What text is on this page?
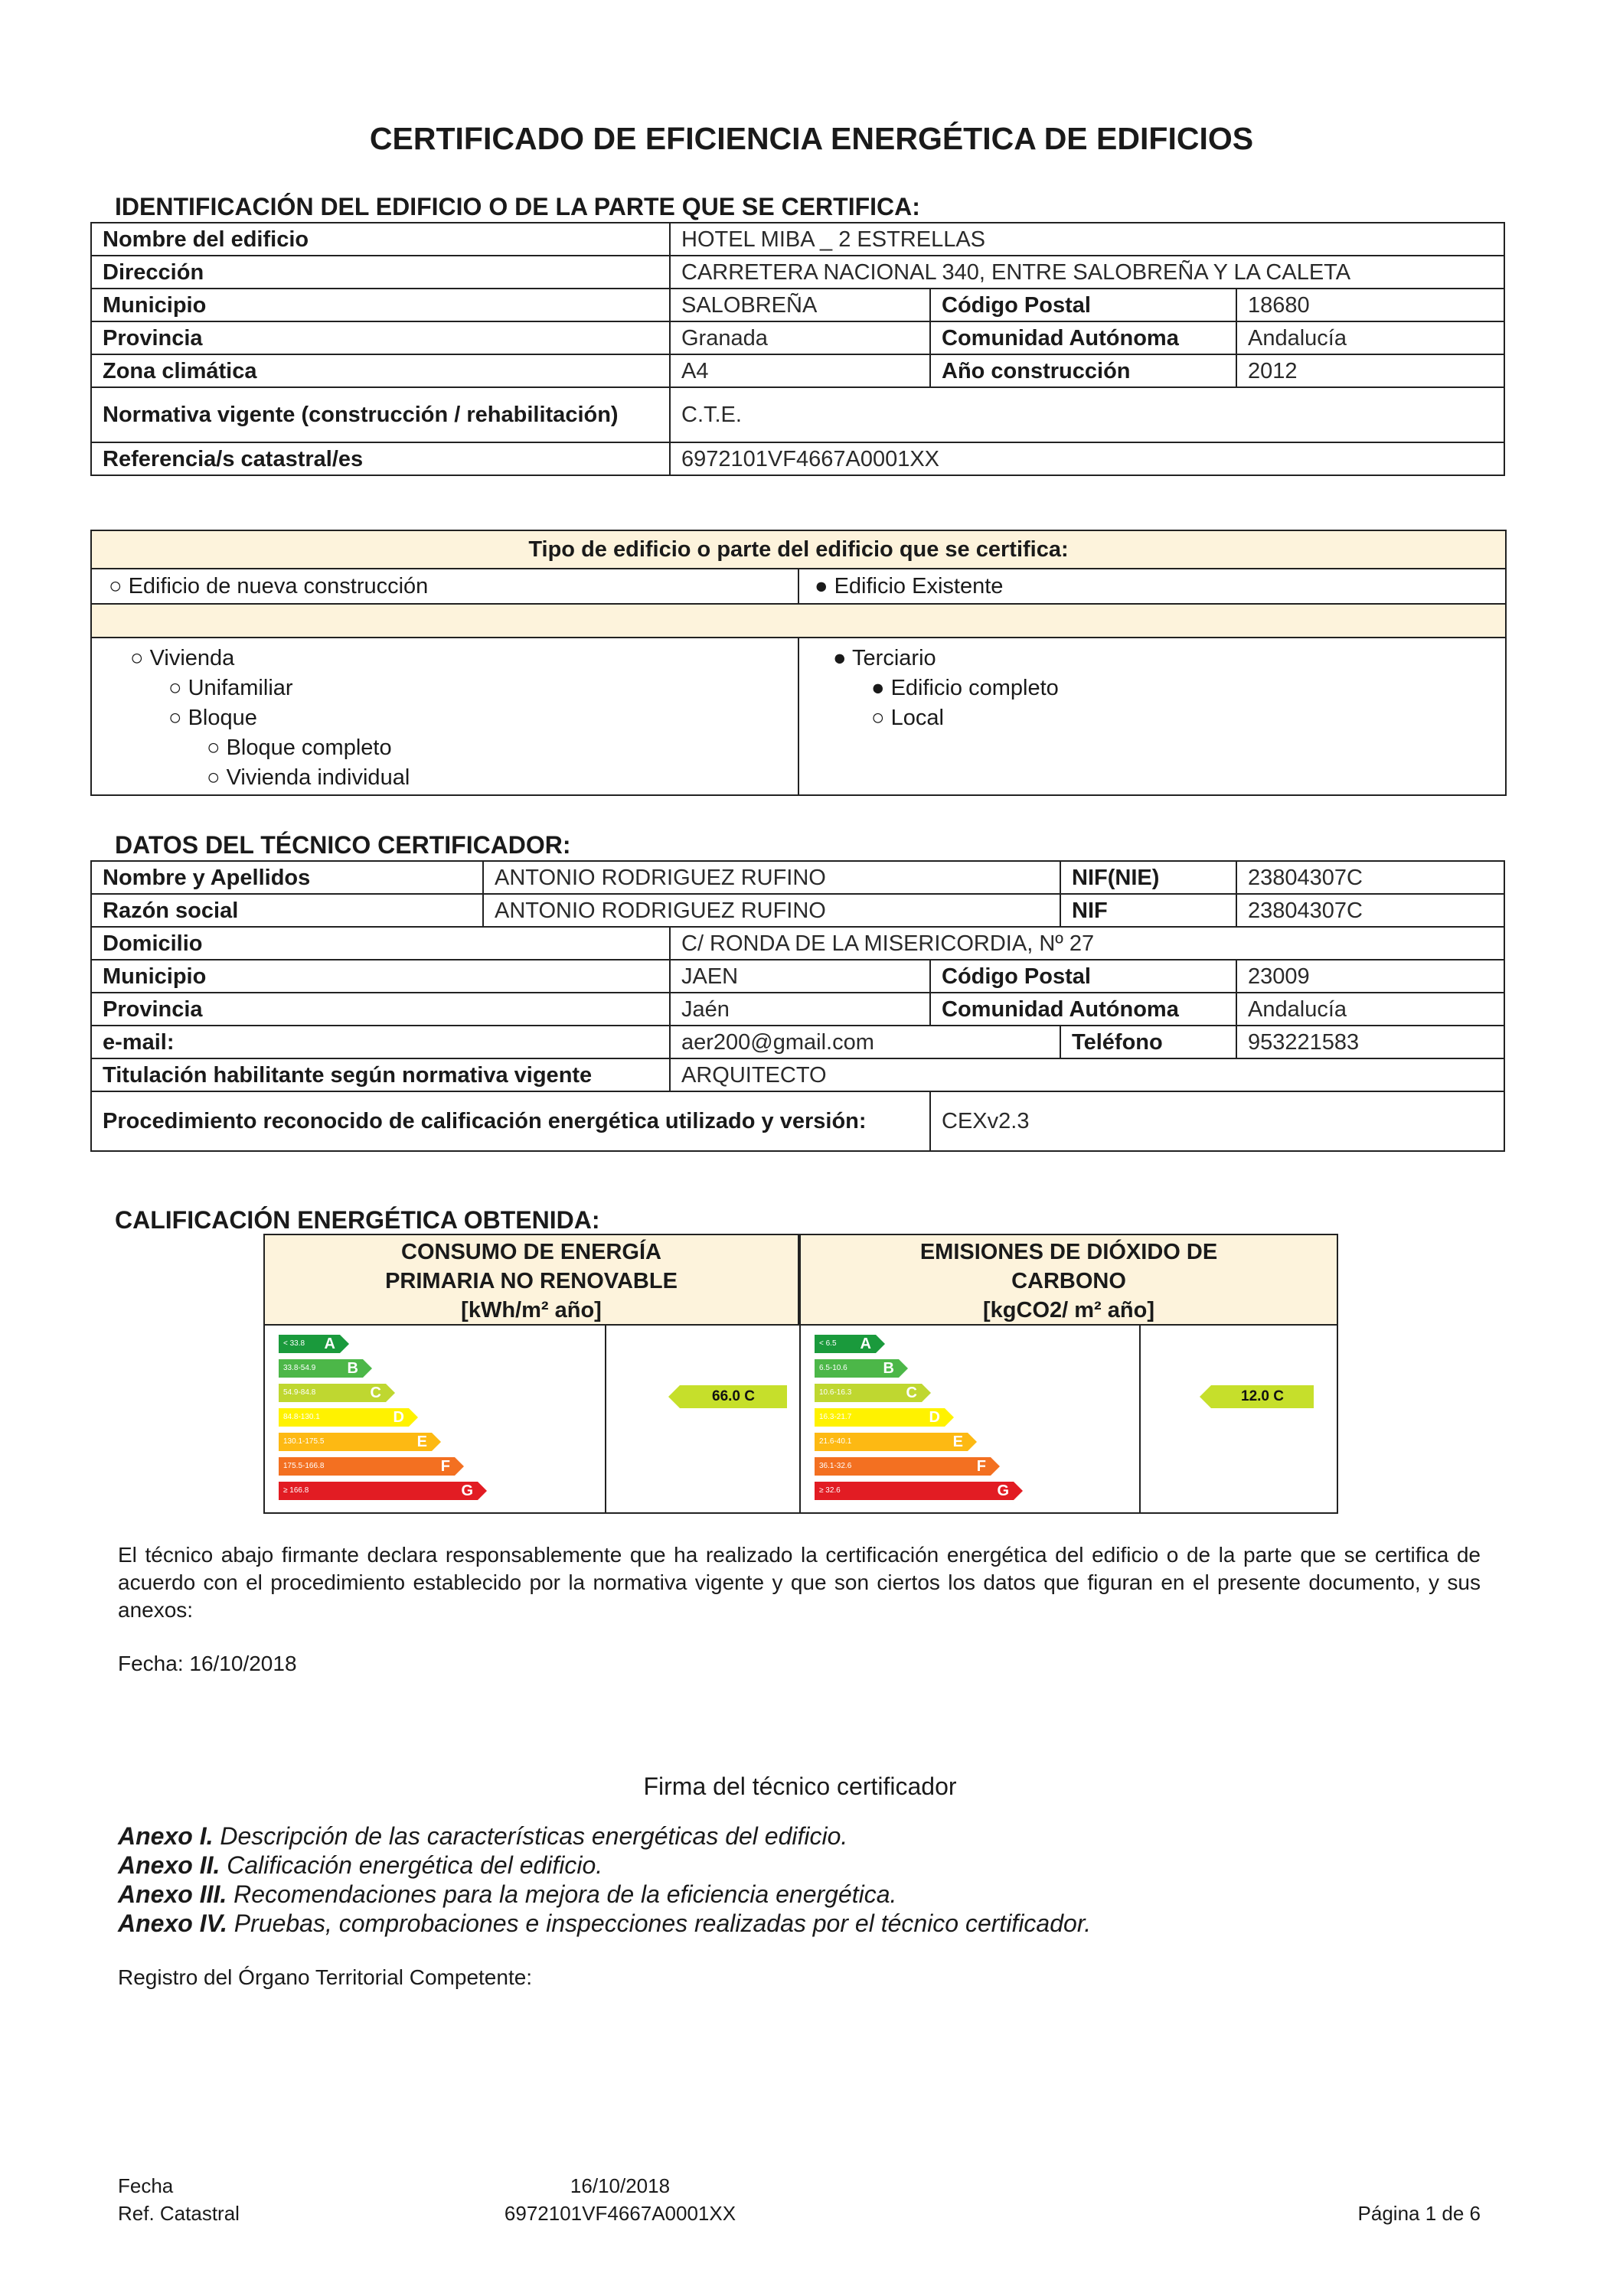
CERTIFICADO DE EFICIENCIA ENERGÉTICA DE EDIFICIOS
IDENTIFICACIÓN DEL EDIFICIO O DE LA PARTE QUE SE CERTIFICA:
Nombre del edificio	HOTEL MIBA _ 2 ESTRELLAS		
Dirección	CARRETERA NACIONAL 340, ENTRE SALOBREÑA Y LA CALETA		
Municipio	SALOBREÑA	Código Postal	18680
Provincia	Granada	Comunidad Autónoma	Andalucía
Zona climática	A4	Año construcción	2012
Normativa vigente (construcción / rehabilitación)	C.T.E.		
Referencia/s catastral/es	6972101VF4667A0001XX		
Tipo de edificio o parte del edificio que se certifica:
○ Edificio de nueva construcción	● Edificio Existente
○ Vivienda
○ Unifamiliar
○ Bloque
○ Bloque completo
○ Vivienda individual
● Terciario
● Edificio completo
○ Local
DATOS DEL TÉCNICO CERTIFICADOR:
Nombre y Apellidos	ANTONIO RODRIGUEZ RUFINO			NIF(NIE)	23804307C
Razón social	ANTONIO RODRIGUEZ RUFINO			NIF	23804307C
Domicilio		C/ RONDA DE LA MISERICORDIA, Nº 27			
Municipio		JAEN	Código Postal		23009
Provincia		Jaén	Comunidad Autónoma		Andalucía
e-mail:		aer200@gmail.com		Teléfono	953221583
Titulación habilitante según normativa vigente		ARQUITECTO			
Procedimiento reconocido de calificación energética utilizado y versión:			CEXv2.3		
CALIFICACIÓN ENERGÉTICA OBTENIDA:
CONSUMO DE ENERGÍA
PRIMARIA NO RENOVABLE
[kWh/m² año]
EMISIONES DE DIÓXIDO DE
CARBONO
[kgCO2/ m² año]
< 33.8 A
33.8-54.9 B
54.9-84.8	C
84.8-130.1	D
130.1-175.5	E
175.5-166.8	F
≥ 166.8	G
< 6.5 A
6.5-10.6 B
10.6-16.3	C
16.3-21.7	D
21.6-40.1	E
36.1-32.6	F
≥ 32.6	G
66.0 C	12.0 C
El técnico abajo firmante declara responsablemente que ha realizado la certificación energética del edificio o de la parte que se certifica de acuerdo con el procedimiento establecido por la normativa vigente y que son ciertos los datos que figuran en el presente documento, y sus anexos:
Fecha: 16/10/2018
Firma del técnico certificador
Anexo I. Descripción de las características energéticas del edificio.
Anexo II. Calificación energética del edificio.
Anexo III. Recomendaciones para la mejora de la eficiencia energética.
Anexo IV. Pruebas, comprobaciones e inspecciones realizadas por el técnico certificador.
Registro del Órgano Territorial Competente:
Fecha
Ref. Catastral
16/10/2018
6972101VF4667A0001XX	Página 1 de 6
